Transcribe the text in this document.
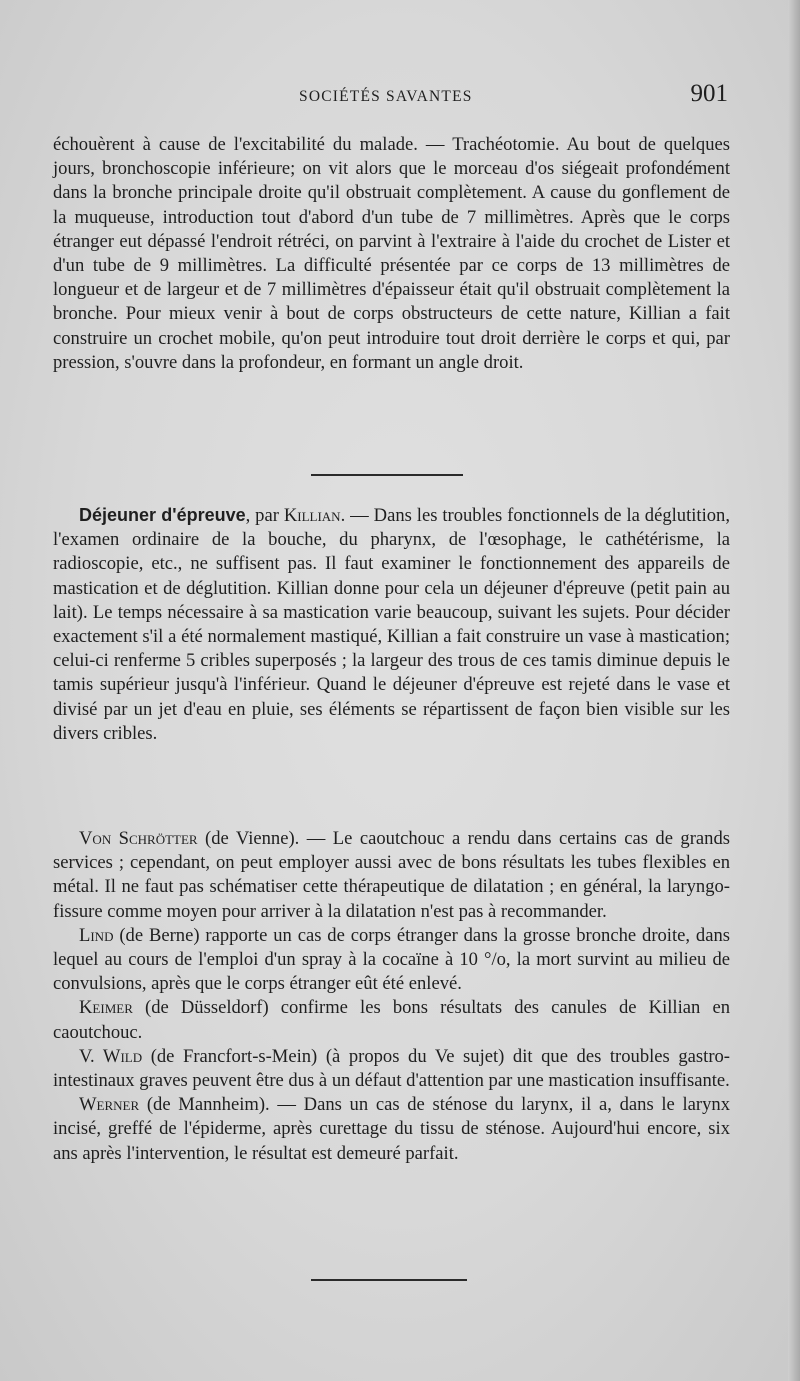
SOCIÉTÉS SAVANTES	901

échouèrent à cause de l'excitabilité du malade. — Trachéotomie. Au bout de quelques jours, bronchoscopie inférieure; on vit alors que le morceau d'os siégeait profondément dans la bronche principale droite qu'il obstruait complètement. A cause du gonflement de la muqueuse, introduction tout d'abord d'un tube de 7 millimètres. Après que le corps étranger eut dépassé l'endroit rétréci, on parvint à l'extraire à l'aide du crochet de Lister et d'un tube de 9 millimètres. La difficulté présentée par ce corps de 13 millimètres de longueur et de largeur et de 7 millimètres d'épaisseur était qu'il obstruait complètement la bronche. Pour mieux venir à bout de corps obstructeurs de cette nature, Killian a fait construire un crochet mobile, qu'on peut introduire tout droit derrière le corps et qui, par pression, s'ouvre dans la profondeur, en formant un angle droit.

Déjeuner d'épreuve, par Killian. — Dans les troubles fonctionnels de la déglutition, l'examen ordinaire de la bouche, du pharynx, de l'œsophage, le cathétérisme, la radioscopie, etc., ne suffisent pas. Il faut examiner le fonctionnement des appareils de mastication et de déglutition. Killian donne pour cela un déjeuner d'épreuve (petit pain au lait). Le temps nécessaire à sa mastication varie beaucoup, suivant les sujets. Pour décider exactement s'il a été normalement mastiqué, Killian a fait construire un vase à mastication; celui-ci renferme 5 cribles superposés ; la largeur des trous de ces tamis diminue depuis le tamis supérieur jusqu'à l'inférieur. Quand le déjeuner d'épreuve est rejeté dans le vase et divisé par un jet d'eau en pluie, ses éléments se répartissent de façon bien visible sur les divers cribles.

Von Schrötter (de Vienne). — Le caoutchouc a rendu dans certains cas de grands services ; cependant, on peut employer aussi avec de bons résultats les tubes flexibles en métal. Il ne faut pas schématiser cette thérapeutique de dilatation ; en général, la laryngo-fissure comme moyen pour arriver à la dilatation n'est pas à recommander.

Lind (de Berne) rapporte un cas de corps étranger dans la grosse bronche droite, dans lequel au cours de l'emploi d'un spray à la cocaïne à 10 °/o, la mort survint au milieu de convulsions, après que le corps étranger eût été enlevé.

Keimer (de Düsseldorf) confirme les bons résultats des canules de Killian en caoutchouc.

V. Wild (de Francfort-s-Mein) (à propos du Ve sujet) dit que des troubles gastro-intestinaux graves peuvent être dus à un défaut d'attention par une mastication insuffisante.

Werner (de Mannheim). — Dans un cas de sténose du larynx, il a, dans le larynx incisé, greffé de l'épiderme, après curettage du tissu de sténose. Aujourd'hui encore, six ans après l'intervention, le résultat est demeuré parfait.
